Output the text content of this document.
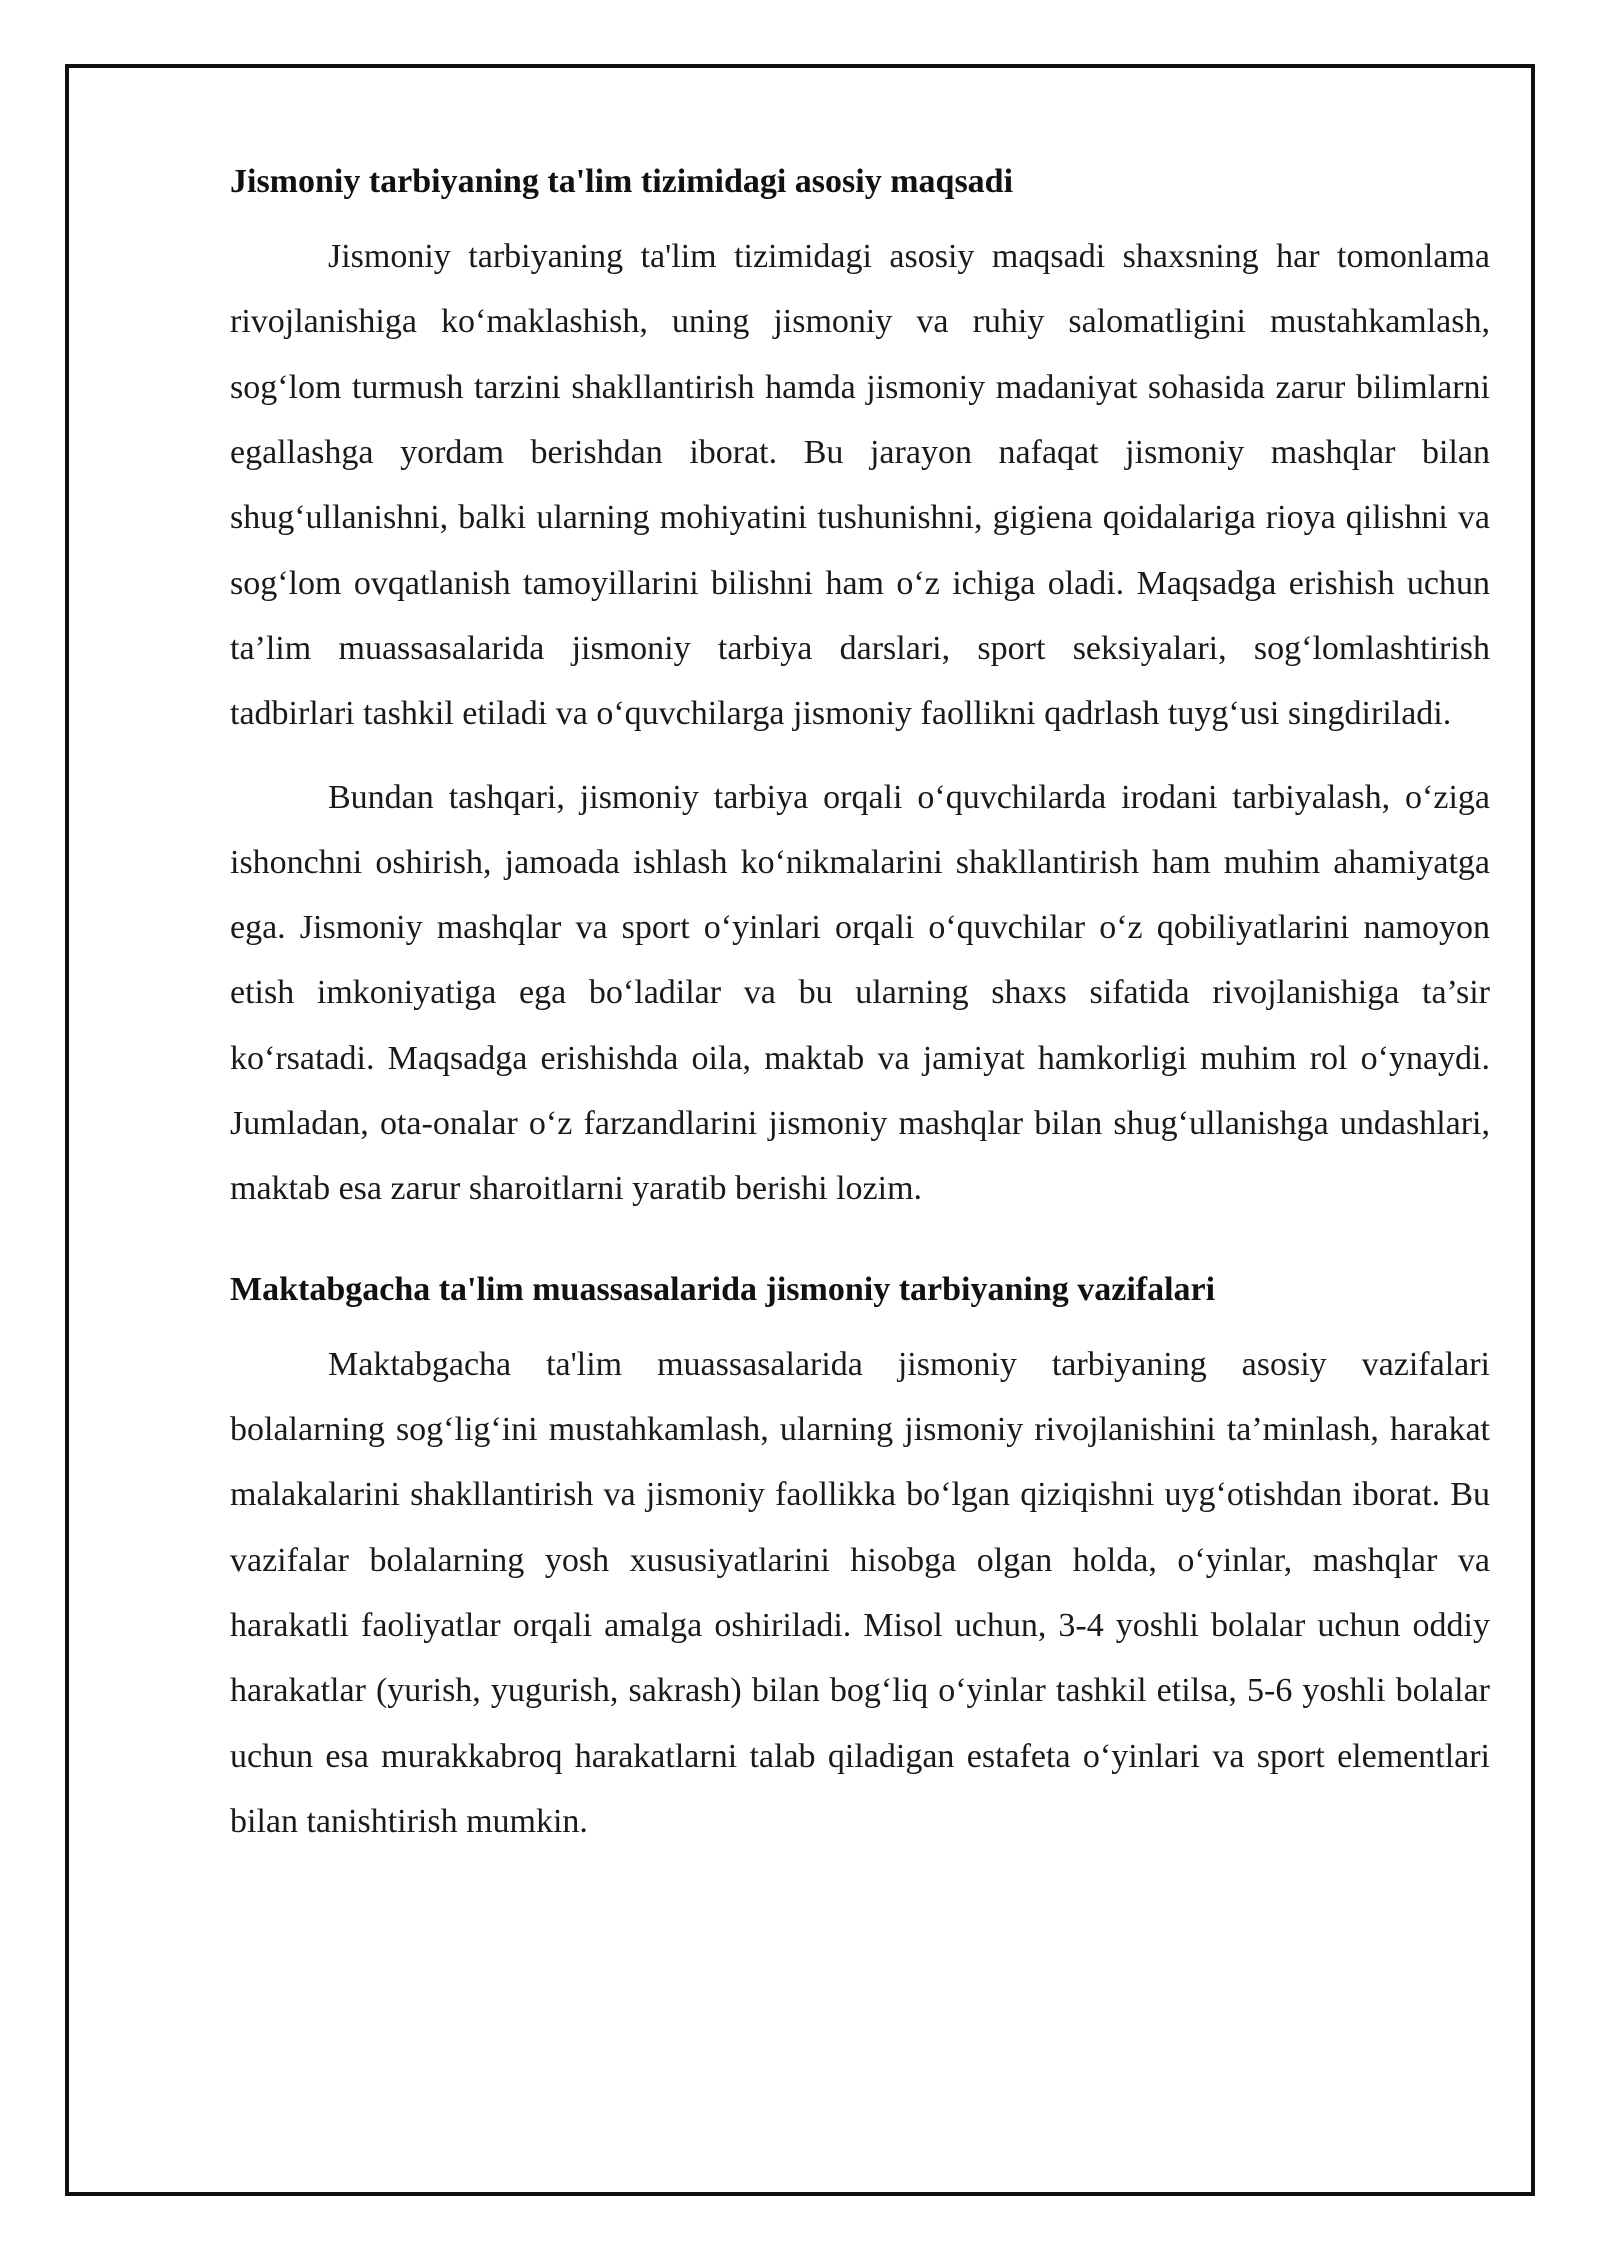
Jismoniy tarbiyaning ta'lim tizimidagi asosiy maqsadi

Jismoniy tarbiyaning ta'lim tizimidagi asosiy maqsadi shaxsning har tomonlama rivojlanishiga ko‘maklashish, uning jismoniy va ruhiy salomatligini mustahkamlash, sog‘lom turmush tarzini shakllantirish hamda jismoniy madaniyat sohasida zarur bilimlarni egallashga yordam berishdan iborat. Bu jarayon nafaqat jismoniy mashqlar bilan shug‘ullanishni, balki ularning mohiyatini tushunishni, gigiena qoidalariga rioya qilishni va sog‘lom ovqatlanish tamoyillarini bilishni ham o‘z ichiga oladi. Maqsadga erishish uchun ta’lim muassasalarida jismoniy tarbiya darslari, sport seksiyalari, sog‘lomlashtirish tadbirlari tashkil etiladi va o‘quvchilarga jismoniy faollikni qadrlash tuyg‘usi singdiriladi.

Bundan tashqari, jismoniy tarbiya orqali o‘quvchilarda irodani tarbiyalash, o‘ziga ishonchni oshirish, jamoada ishlash ko‘nikmalarini shakllantirish ham muhim ahamiyatga ega. Jismoniy mashqlar va sport o‘yinlari orqali o‘quvchilar o‘z qobiliyatlarini namoyon etish imkoniyatiga ega bo‘ladilar va bu ularning shaxs sifatida rivojlanishiga ta’sir ko‘rsatadi. Maqsadga erishishda oila, maktab va jamiyat hamkorligi muhim rol o‘ynaydi. Jumladan, ota-onalar o‘z farzandlarini jismoniy mashqlar bilan shug‘ullanishga undashlari, maktab esa zarur sharoitlarni yaratib berishi lozim.

Maktabgacha ta'lim muassasalarida jismoniy tarbiyaning vazifalari

Maktabgacha ta'lim muassasalarida jismoniy tarbiyaning asosiy vazifalari bolalarning sog‘lig‘ini mustahkamlash, ularning jismoniy rivojlanishini ta’minlash, harakat malakalarini shakllantirish va jismoniy faollikka bo‘lgan qiziqishni uyg‘otishdan iborat. Bu vazifalar bolalarning yosh xususiyatlarini hisobga olgan holda, o‘yinlar, mashqlar va harakatli faoliyatlar orqali amalga oshiriladi. Misol uchun, 3-4 yoshli bolalar uchun oddiy harakatlar (yurish, yugurish, sakrash) bilan bog‘liq o‘yinlar tashkil etilsa, 5-6 yoshli bolalar uchun esa murakkabroq harakatlarni talab qiladigan estafeta o‘yinlari va sport elementlari bilan tanishtirish mumkin.
